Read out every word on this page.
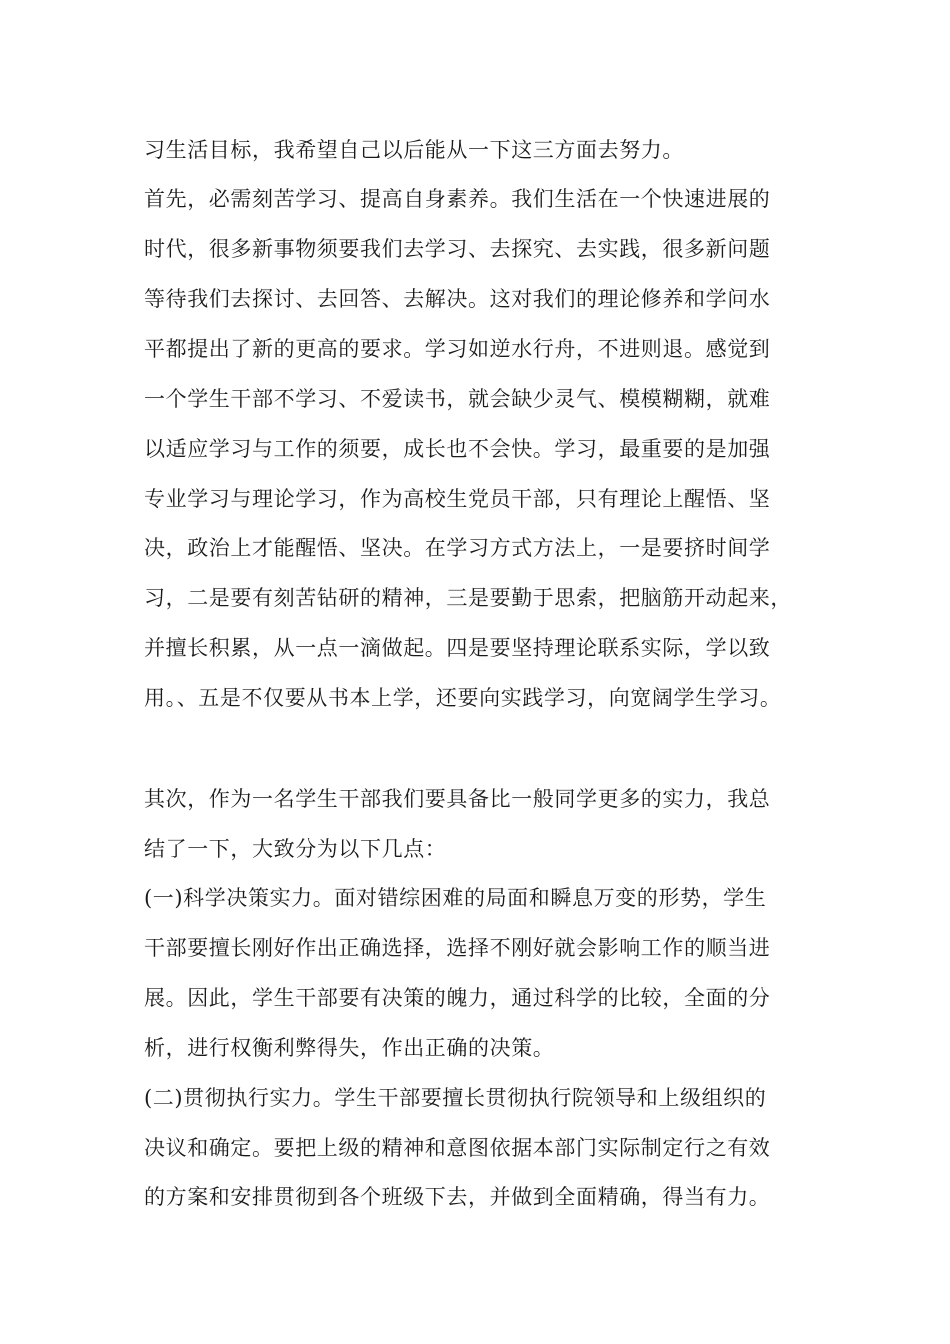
习生活目标，我希望自己以后能从一下这三方面去努力。
首先，必需刻苦学习、提高自身素养。我们生活在一个快速进展的
时代，很多新事物须要我们去学习、去探究、去实践，很多新问题
等待我们去探讨、去回答、去解决。这对我们的理论修养和学问水
平都提出了新的更高的要求。学习如逆水行舟，不进则退。感觉到
一个学生干部不学习、不爱读书，就会缺少灵气、模模糊糊，就难
以适应学习与工作的须要，成长也不会快。学习，最重要的是加强
专业学习与理论学习，作为高校生党员干部，只有理论上醒悟、坚
决，政治上才能醒悟、坚决。在学习方式方法上，一是要挤时间学
习，二是要有刻苦钻研的精神，三是要勤于思索，把脑筋开动起来，
并擅长积累，从一点一滴做起。四是要坚持理论联系实际，学以致
用。、五是不仅要从书本上学，还要向实践学习，向宽阔学生学习。
其次，作为一名学生干部我们要具备比一般同学更多的实力，我总
结了一下，大致分为以下几点：
(一)科学决策实力。面对错综困难的局面和瞬息万变的形势，学生
干部要擅长刚好作出正确选择，选择不刚好就会影响工作的顺当进
展。因此，学生干部要有决策的魄力，通过科学的比较，全面的分
析，进行权衡利弊得失，作出正确的决策。
(二)贯彻执行实力。学生干部要擅长贯彻执行院领导和上级组织的
决议和确定。要把上级的精神和意图依据本部门实际制定行之有效
的方案和安排贯彻到各个班级下去，并做到全面精确，得当有力。
